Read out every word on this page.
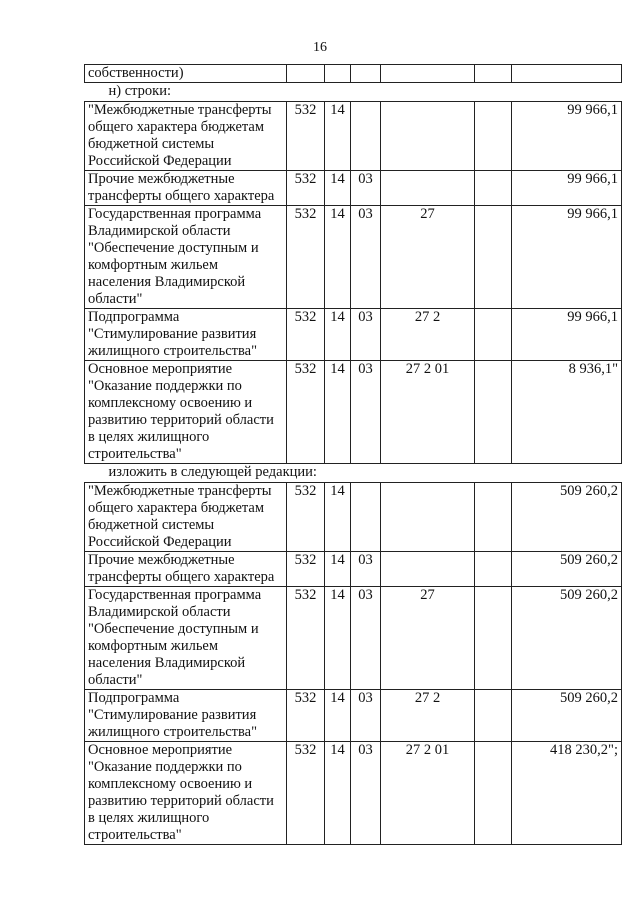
16
собственности)						
н) строки:						
"Межбюджетные трансферты общего характера бюджетам бюджетной системы Российской Федерации	532	14				99 966,1
Прочие межбюджетные трансферты общего характера	532	14	03			99 966,1
Государственная программа Владимирской области "Обеспечение доступным и комфортным жильем населения Владимирской области"	532	14	03	27		99 966,1
Подпрограмма "Стимулирование развития жилищного строительства"	532	14	03	27 2		99 966,1
Основное мероприятие "Оказание поддержки по комплексному освоению и развитию территорий области в целях жилищного строительства"	532	14	03	27 2 01		8 936,1"
изложить в следующей редакции:						
"Межбюджетные трансферты общего характера бюджетам бюджетной системы Российской Федерации	532	14				509 260,2
Прочие межбюджетные трансферты общего характера	532	14	03			509 260,2
Государственная программа Владимирской области "Обеспечение доступным и комфортным жильем населения Владимирской области"	532	14	03	27		509 260,2
Подпрограмма "Стимулирование развития жилищного строительства"	532	14	03	27 2		509 260,2
Основное мероприятие "Оказание поддержки по комплексному освоению и развитию территорий области в целях жилищного строительства"	532	14	03	27 2 01		418 230,2";
